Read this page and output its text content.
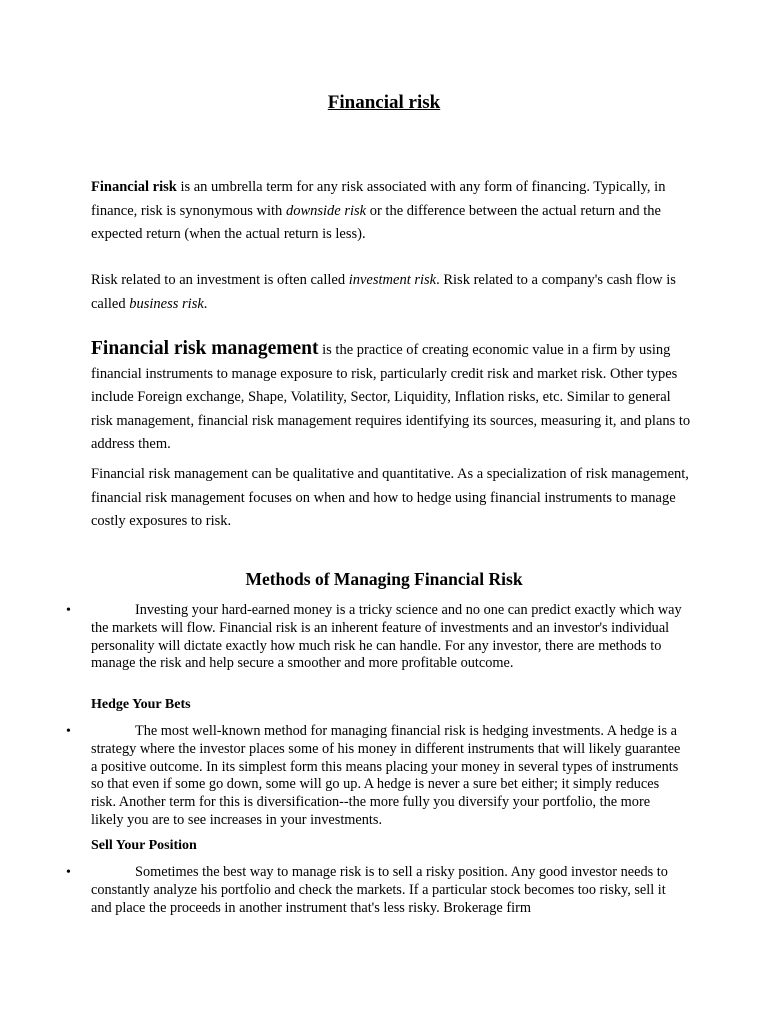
Financial risk

Financial risk is an umbrella term for any risk associated with any form of financing. Typically, in finance, risk is synonymous with downside risk or the difference between the actual return and the expected return (when the actual return is less).

Risk related to an investment is often called investment risk. Risk related to a company's cash flow is called business risk.

Financial risk management is the practice of creating economic value in a firm by using financial instruments to manage exposure to risk, particularly credit risk and market risk. Other types include Foreign exchange, Shape, Volatility, Sector, Liquidity, Inflation risks, etc. Similar to general risk management, financial risk management requires identifying its sources, measuring it, and plans to address them.

Financial risk management can be qualitative and quantitative. As a specialization of risk management, financial risk management focuses on when and how to hedge using financial instruments to manage costly exposures to risk.

Methods of Managing Financial Risk
•	Investing your hard-earned money is a tricky science and no one can predict exactly which way the markets will flow. Financial risk is an inherent feature of investments and an investor's individual personality will dictate exactly how much risk he can handle. For any investor, there are methods to manage the risk and help secure a smoother and more profitable outcome.

Hedge Your Bets
•	The most well-known method for managing financial risk is hedging investments. A hedge is a strategy where the investor places some of his money in different instruments that will likely guarantee a positive outcome. In its simplest form this means placing your money in several types of instruments so that even if some go down, some will go up. A hedge is never a sure bet either; it simply reduces risk. Another term for this is diversification--the more fully you diversify your portfolio, the more likely you are to see increases in your investments.

Sell Your Position
•	Sometimes the best way to manage risk is to sell a risky position. Any good investor needs to constantly analyze his portfolio and check the markets. If a particular stock becomes too risky, sell it and place the proceeds in another instrument that's less risky. Brokerage firm
